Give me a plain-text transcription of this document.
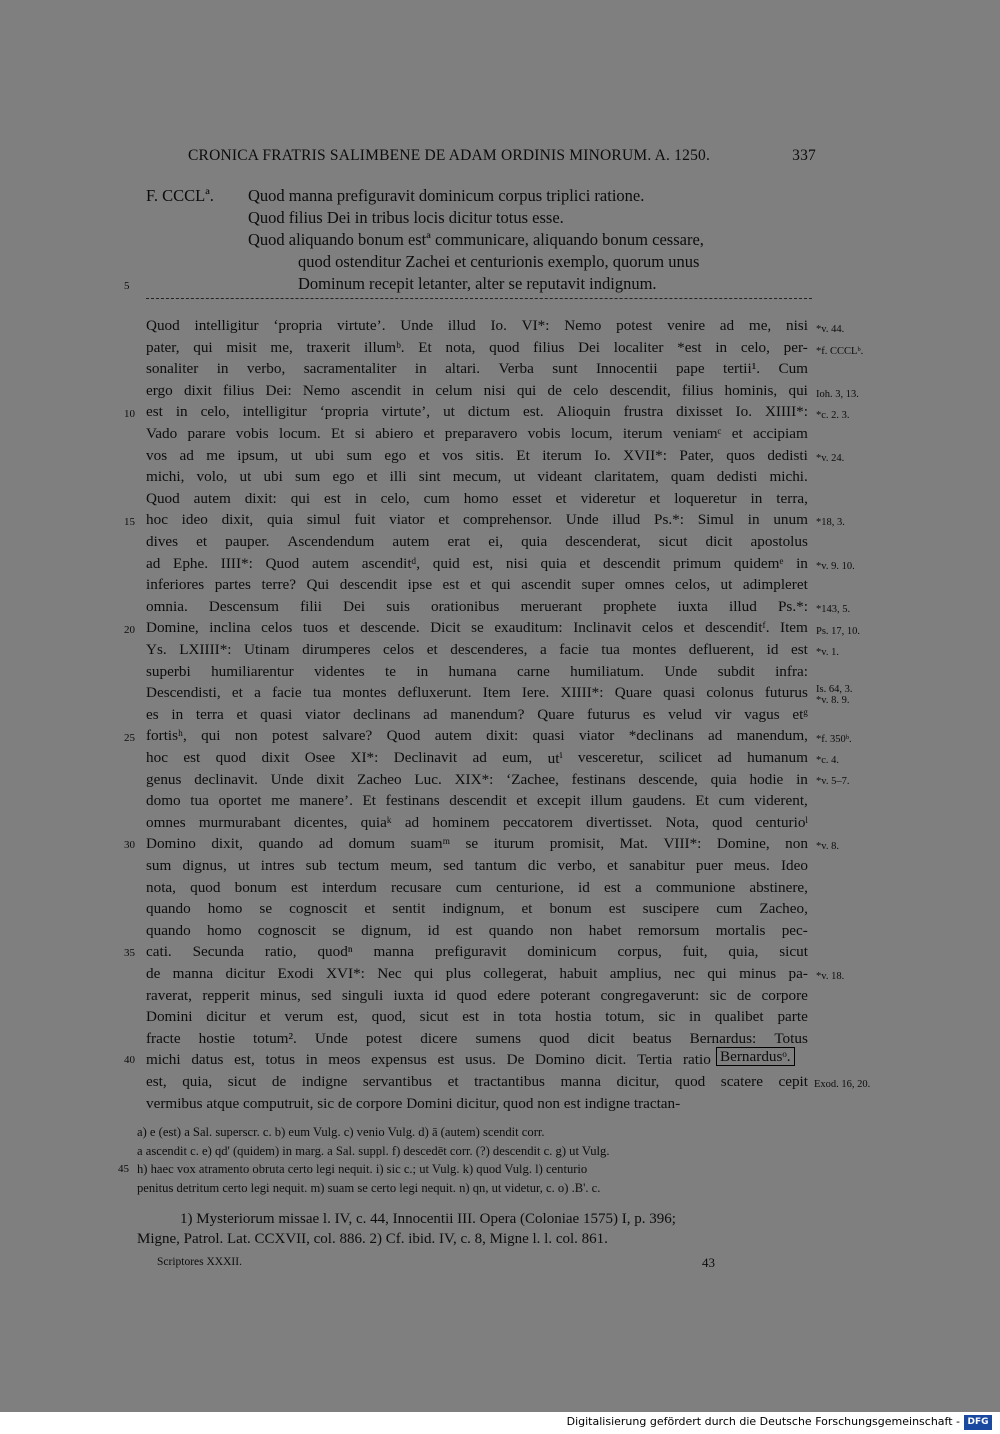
CRONICA FRATRIS SALIMBENE DE ADAM ORDINIS MINORUM. A. 1250.	337
F. CCCLª. Quod manna prefiguravit dominicum corpus triplici ratione.
Quod filius Dei in tribus locis dicitur totus esse.
Quod aliquando bonum estª communicare, aliquando bonum cessare,
quod ostenditur Zachei et centurionis exemplo, quorum unus
Dominum recepit letanter, alter se reputavit indignum.
5
Quod intelligitur ‘propria virtute’. Unde illud Io. VI*: Nemo potest venire ad me, nisi
pater, qui misit me, traxerit illumᵇ. Et nota, quod filius Dei localiter *est in celo, per-
sonaliter in verbo, sacramentaliter in altari. Verba sunt Innocentii pape tertii¹. Cum
ergo dixit filius Dei: Nemo ascendit in celum nisi qui de celo descendit, filius hominis, qui
est in celo, intelligitur ‘propria virtute’, ut dictum est. Alioquin frustra dixisset Io. XIIII*:
Vado parare vobis locum. Et si abiero et preparavero vobis locum, iterum veniamᶜ et accipiam
vos ad me ipsum, ut ubi sum ego et vos sitis. Et iterum Io. XVII*: Pater, quos dedisti
michi, volo, ut ubi sum ego et illi sint mecum, ut videant claritatem, quam dedisti michi.
Quod autem dixit: qui est in celo, cum homo esset et videretur et loqueretur in terra,
hoc ideo dixit, quia simul fuit viator et comprehensor. Unde illud Ps.*: Simul in unum
dives et pauper. Ascendendum autem erat ei, quia descenderat, sicut dicit apostolus
ad Ephe. IIII*: Quod autem ascenditᵈ, quid est, nisi quia et descendit primum quidemᵉ in
inferiores partes terre? Qui descendit ipse est et qui ascendit super omnes celos, ut adimpleret
omnia. Descensum filii Dei suis orationibus meruerant prophete iuxta illud Ps.*:
Domine, inclina celos tuos et descende. Dicit se exauditum: Inclinavit celos et descenditᶠ. Item
Ys. LXIIII*: Utinam dirumperes celos et descenderes, a facie tua montes defluerent, id est
superbi humiliarentur videntes te in humana carne humiliatum. Unde subdit infra:
Descendisti, et a facie tua montes defluxerunt. Item Iere. XIIII*: Quare quasi colonus futurus
es in terra et quasi viator declinans ad manendum? Quare futurus es velud vir vagus etᵍ
fortisʰ, qui non potest salvare? Quod autem dixit: quasi viator *declinans ad manendum,
hoc est quod dixit Osee XI*: Declinavit ad eum, utⁱ vesceretur, scilicet ad humanum
genus declinavit. Unde dixit Zacheo Luc. XIX*: ‘Zachee, festinans descende, quia hodie in
domo tua oportet me manere’. Et festinans descendit et excepit illum gaudens. Et cum viderent,
omnes murmurabant dicentes, quiaᵏ ad hominem peccatorem divertisset. Nota, quod centurioˡ
Domino dixit, quando ad domum suamᵐ se iturum promisit, Mat. VIII*: Domine, non
sum dignus, ut intres sub tectum meum, sed tantum dic verbo, et sanabitur puer meus. Ideo
nota, quod bonum est interdum recusare cum centurione, id est a communione abstinere,
quando homo se cognoscit et sentit indignum, et bonum est suscipere cum Zacheo,
quando homo cognoscit se dignum, id est quando non habet remorsum mortalis pec-
cati. Secunda ratio, quodⁿ manna prefiguravit dominicum corpus, fuit, quia, sicut
de manna dicitur Exodi XVI*: Nec qui plus collegerat, habuit amplius, nec qui minus pa-
raverat, repperit minus, sed singuli iuxta id quod edere poterant congregaverunt: sic de corpore
Domini dicitur et verum est, quod, sicut est in tota hostia totum, sic in qualibet parte
fracte hostie totum². Unde potest dicere sumens quod dicit beatus Bernardus: Totus
michi datus est, totus in meos expensus est usus. De Domino dicit. Tertia ratio
est, quia, sicut de indigne servantibus et tractantibus manna dicitur, quod scatere cepit
vermibus atque computruit, sic de corpore Domini dicitur, quod non est indigne tractan-
Bernardusᵒ.
10
15
20
25
30
35
40
*v. 44.
*f. CCCLᵇ.
Ioh. 3, 13.
*c. 2. 3.
*v. 24.
*18, 3.
*v. 9. 10.
*143, 5.
Ps. 17, 10.
*v. 1.
Is. 64, 3.
*v. 8. 9.
*f. 350ᵇ.
*c. 4.
*v. 5–7.
*v. 8.
*v. 18.
Exod. 16, 20.
a) e (est) a Sal. superscr. c. b) eum Vulg. c) venio Vulg. d) ā (autem) scendit corr.
a ascendit c. e) qd' (quidem) in marg. a Sal. suppl. f) descedēt corr. (?) descendit c. g) ut Vulg.
h) haec vox atramento obruta certo legi nequit. i) sic c.; ut Vulg. k) quod Vulg. l) centurio
penitus detritum certo legi nequit. m) suam se certo legi nequit. n) qn, ut videtur, c. o) .B'. c.
45
1) Mysteriorum missae l. IV, c. 44, Innocentii III. Opera (Coloniae 1575) I, p. 396;
Migne, Patrol. Lat. CCXVII, col. 886. 2) Cf. ibid. IV, c. 8, Migne l. l. col. 861.
Scriptores XXXII.	43
Digitalisierung gefördert durch die Deutsche Forschungsgemeinschaft - DFG
